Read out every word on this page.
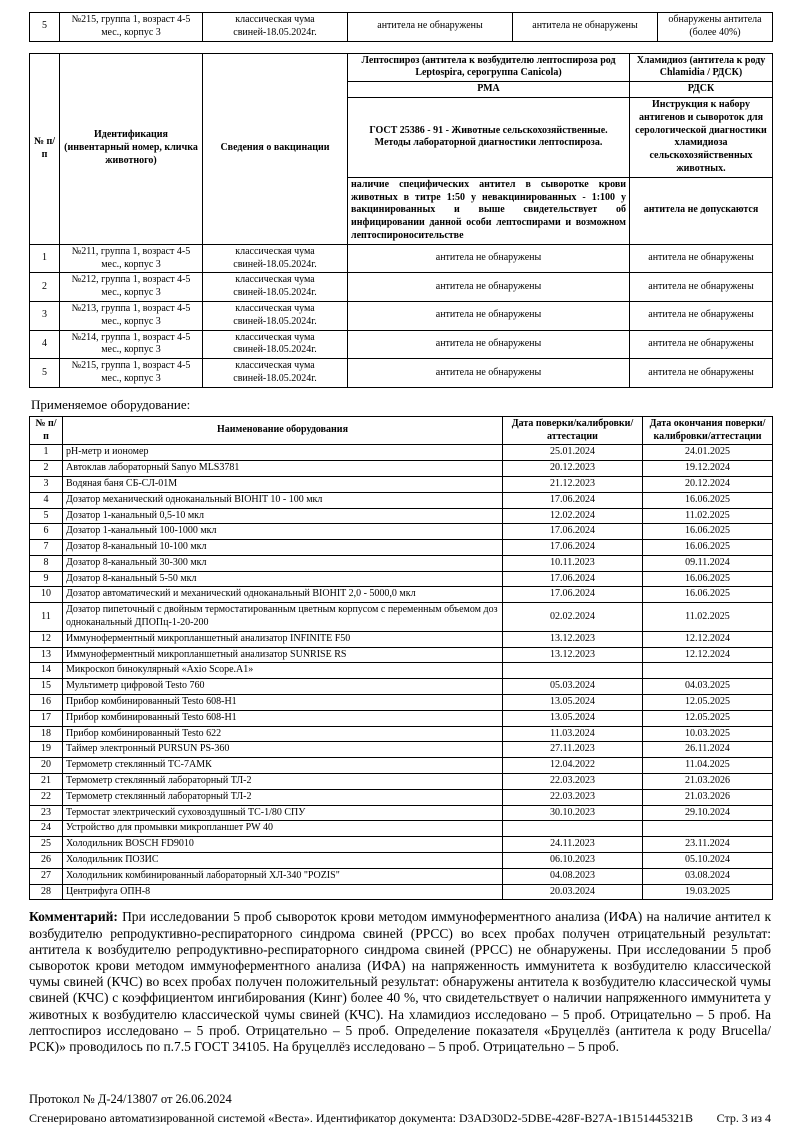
5	№215, группа 1, возраст 4-5 мес., корпус 3	классическая чума свиней-18.05.2024г.	антитела не обнаружены	антитела не обнаружены	обнаружены антитела (более 40%)
№ п/п	Идентификация (инвентарный номер, кличка животного)	Сведения о вакцинации	Лептоспироз (антитела к возбудителю лептоспироза род Leptospira, серогруппа Canicola)	Хламидиоз (антитела к роду Chlamidia / РДСК)
			РМА	РДСК
			ГОСТ 25386 - 91 - Животные сельскохозяйственные. Методы лабораторной диагностики лептоспироза.	Инструкция к набору антигенов и сывороток для серологической диагностики хламидиоза сельскохозяйственных животных.
			наличие специфических антител в сыворотке крови животных в титре 1:50 у невакцинированных - 1:100 у вакцинированных и выше свидетельствует об инфицировании данной особи лептоспирами и возможном лептоспироносительстве	антитела не допускаются
1	№211, группа 1, возраст 4-5 мес., корпус 3	классическая чума свиней-18.05.2024г.	антитела не обнаружены	антитела не обнаружены
2	№212, группа 1, возраст 4-5 мес., корпус 3	классическая чума свиней-18.05.2024г.	антитела не обнаружены	антитела не обнаружены
3	№213, группа 1, возраст 4-5 мес., корпус 3	классическая чума свиней-18.05.2024г.	антитела не обнаружены	антитела не обнаружены
4	№214, группа 1, возраст 4-5 мес., корпус 3	классическая чума свиней-18.05.2024г.	антитела не обнаружены	антитела не обнаружены
5	№215, группа 1, возраст 4-5 мес., корпус 3	классическая чума свиней-18.05.2024г.	антитела не обнаружены	антитела не обнаружены
Применяемое оборудование:
№ п/п	Наименование оборудования	Дата поверки/калибровки/аттестации	Дата окончания поверки/калибровки/аттестации
1	рН-метр и иономер	25.01.2024	24.01.2025
2	Автоклав лабораторный Sanyo MLS3781	20.12.2023	19.12.2024
3	Водяная баня СБ-СЛ-01М	21.12.2023	20.12.2024
4	Дозатор механический одноканальный BIOHIT 10 - 100 мкл	17.06.2024	16.06.2025
5	Дозатор 1-канальный 0,5-10 мкл	12.02.2024	11.02.2025
6	Дозатор 1-канальный 100-1000 мкл	17.06.2024	16.06.2025
7	Дозатор 8-канальный 10-100 мкл	17.06.2024	16.06.2025
8	Дозатор 8-канальный 30-300 мкл	10.11.2023	09.11.2024
9	Дозатор 8-канальный 5-50 мкл	17.06.2024	16.06.2025
10	Дозатор автоматический и механический одноканальный BIOHIT 2,0 - 5000,0 мкл	17.06.2024	16.06.2025
11	Дозатор пипеточный с двойным термостатированным цветным корпусом с переменным объемом доз одноканальный ДПОПц-1-20-200	02.02.2024	11.02.2025
12	Иммуноферментный микропланшетный анализатор INFINITE F50	13.12.2023	12.12.2024
13	Иммуноферментный микропланшетный анализатор SUNRISE RS	13.12.2023	12.12.2024
14	Микроскоп бинокулярный «Axio Scope.A1»		
15	Мультиметр цифровой Testo 760	05.03.2024	04.03.2025
16	Прибор комбинированный Testo 608-Н1	13.05.2024	12.05.2025
17	Прибор комбинированный Testo 608-Н1	13.05.2024	12.05.2025
18	Прибор комбинированный Testo 622	11.03.2024	10.03.2025
19	Таймер электронный PURSUN PS-360	27.11.2023	26.11.2024
20	Термометр стеклянный ТС-7АМК	12.04.2022	11.04.2025
21	Термометр стеклянный лабораторный ТЛ-2	22.03.2023	21.03.2026
22	Термометр стеклянный лабораторный ТЛ-2	22.03.2023	21.03.2026
23	Термостат электрический суховоздушный ТС-1/80 СПУ	30.10.2023	29.10.2024
24	Устройство для промывки микропланшет PW 40		
25	Холодильник BOSCH FD9010	24.11.2023	23.11.2024
26	Холодильник ПОЗИС	06.10.2023	05.10.2024
27	Холодильник комбинированный лабораторный ХЛ-340 "POZIS"	04.08.2023	03.08.2024
28	Центрифуга ОПН-8	20.03.2024	19.03.2025

Комментарий: При исследовании 5 проб сывороток крови методом иммуноферментного анализа (ИФА) на наличие антител к возбудителю репродуктивно-респираторного синдрома свиней (РРСС) во всех пробах получен отрицательный результат: антитела к возбудителю репродуктивно-респираторного синдрома свиней (РРСС) не обнаружены. При исследовании 5 проб сывороток крови методом иммуноферментного анализа (ИФА) на напряженность иммунитета к возбудителю классической чумы свиней (КЧС) во всех пробах получен положительный результат: обнаружены антитела к возбудителю классической чумы свиней (КЧС) с коэффициентом ингибирования (Кинг) более 40 %, что свидетельствует о наличии напряженного иммунитета у животных к возбудителю классической чумы свиней (КЧС). На хламидиоз исследовано – 5 проб. Отрицательно – 5 проб. На лептоспироз исследовано – 5 проб. Отрицательно – 5 проб. Определение показателя «Бруцеллёз (антитела к роду Brucella/РСК)» проводилось по п.7.5 ГОСТ 34105. На бруцеллёз исследовано – 5 проб. Отрицательно – 5 проб.

Протокол № Д-24/13807 от 26.06.2024
Сгенерировано автоматизированной системой «Веста». Идентификатор документа: D3AD30D2-5DBE-428F-B27A-1B151445321B	Стр. 3 из 4
